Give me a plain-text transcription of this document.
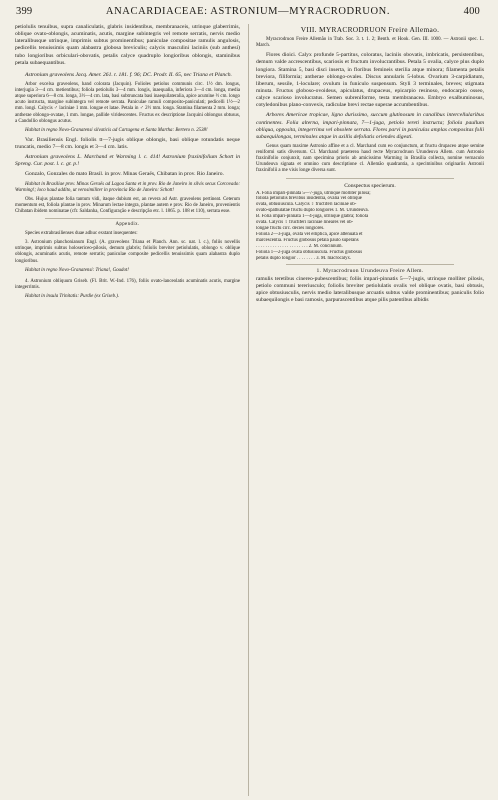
399	ANACARDIACEAE: ASTRONIUM—MYRACRODRUON.	400

petiolulis tenuibus, supra canaliculatis, glabris insidentibus, membranaceis, utrinque glaberrimis, oblique ovato-oblongis, acuminatis, acutis, margine subintegris vel remote serratis, nervis medio lateralibusque utrinque, imprimis subtus prominentibus; paniculae compositae ramulis angulosis, pedicellis tenuissimis quam alabastra globosa breviculis; calycis masculini laciniis (sub anthesi) tubo longioribus orbiculari-obovatis, petalis calyce quadruplo longioribus oblongis, staminibus petala subaequantibus.

Astronium graveolens Jacq. Amer. 261. t. 181. f. 96; DC. Prodr. II. 65, nec Triana et Planch.

Arbor excelsa graveolens, hand colorata (Jacquin). Folioles petiolus communis circ. 1½ dm. longus, interjugia 3—4 cm. metientibus; foliola petiolulis 3—4 mm. longis, inaequalia, inferiora 3—4 cm. longa, media atque superiora 6—8 cm. longa, 3½—4 cm. lata, basi subtruncata basi inaequilateralia, apice acumine ½ cm. longo acuto instructa, margine subintegra vel remote serrata. Paniculae ramuli composito-paniculati; pedicelli 1½—2 mm. longi. Calycis ♂ laciniae 1 mm. longae et latae. Petala in ♂ 2½ mm. longa. Stamina filamenta 2 mm. longa; antherae oblongo-ovatae, 1 mm. longae, pallide viridescentes. Fructus ex descriptione Jacquini oblongus obtusus, a Candollio oblongus acutus.

Habitat in regno Novo-Granatensi silvaticis ad Cartagena et Santa Martha: Bertero n. 2538!

Var. Brasiliensis Engl. foliolis tt—7-jugis oblique oblongis, basi oblique rotundatis neque truncatis, medio 7—8 cm. longis et 3—4 cm. latis.

Astronium graveolens L. Marchand et Warming l. c. 414! Astronium fraxinifolium Schott in Spreng. Cur. post. l. c. gr. p.!

Gonzalo, Gonzales do mato Brasil. in prov. Minas Geraës, Chibatan in prov. Rio Janeiro.

Habitat in Brasiliae prov. Minas Geraës ad Lagoa Santa et in prov. Rio de Janeiro in silvis secus Corcovado: Warming!; loco haud addito, ut verosimiliter in provincia Rio de Janeiro: Schott!

Obs. Hujus plantae folia tantum vidi, itaque dubium est, an revera ad Astr. graveolens pertineat. Ceterum momentum est, foliola plantae in prov. Minarum lectae integra, plantae autem e prov. Rio de Janeiro, provenientis Chibatan ibidem nominatae (cfr. Saldanha, Configuração e descripção etc. l. 1865. p. 108 et 110), serrata esse.

Appendix.

Species extrabrasilienses duae adhuc exstant insequentes:

3. Astronium planchonianum Engl. (A. graveolens Triana et Planch. Ann. sc. nat. l. c.), foliis novellis utrinque, imprimis subtus holosericeo-pilosis, demum glabris; foliolis breviter petiolulatis, oblongo v. oblique oblongis, acuminatis acutis, remote serratis; paniculae composite pedicellis tenuissimis quam alabastra duplo longioribus.

Habitat in regno Novo-Granatensi: Triana!, Goudot!

4. Astronium obliquum Griseb. (Fl. Brit. W.-Ind. 176), foliis ovato-lanceolatis acuminatis acutis, margine integerrimis.

Habitat in insula Trinitatis: Purdie (ex Griseb.).

VIII. MYRACRODRUON Freire Allemao.

Myracrodruon Freire Allemão in Trab. Soc. 3. t. 1. 2; Benth. et Hook. Gen. III. 1000. — Astronii spec. L. March.

Flores dioici. Calyx profunde 5-partitus, coloratus, laciniis obovatis, imbricatis, persistentibus, demum valde accrescentibus, scariosis et fructum involucrantibus. Petala 5 ovalia, calyce plus duplo longiora. Stamina 5, basi disci inserta, in floribus femineis sterilia atque minora; filamenta petalis breviora, filiformia; antherae oblongo-ovales. Discus annularis 5-lobus. Ovarium 3-carpidiatum, liberum, sessile, 1-loculare; ovulum in funiculo suspensum. Styli 3 terminales, breves; stigmata minuta. Fructus globoso-ovoideus, apiculatus, drupaceus, epicarpio resinoso, endocarpio osseo, calyce scarioso involucratus. Semen subreniforme, testa membranacea. Embryo exalbuminosus, cotyledonibus plano-convexis, radiculae brevi rectae superae accumbentibus.

Arbores Americae tropicae, ligno durissimo, succum glutinosum in canalibus intercellularibus continentes. Folia alterna, impari-pinnata, 7—1-juga, petiolo tereti instructa; foliola paullum obliqua, opposita, integerrima vel obsolete serrata. Flores parvi in paniculas amplas compositas folii subaequilongas, terminales atque in axillis defoliatis oriendes digesti.

Genus quam maxime Astronio affine et a cl. Marchand cum eo conjunctum, at fructu drupaceo atque semine reniformi satis diversum. Cl. Marchand praeterea haud recte Myracrodruon Urundeuva Allem. cum Astronio fraxinifolio conjunxit, nam specimina prioris ab amicissimo Warming in Brasilia collecta, nomine vernaculo Urundeuva signata et omnino cum descriptione cl. Allemão quadrantia, a speciminibus originariis Astronii fraxinifolii a me visis longe diversa sunt.

Conspectus specierum.

A. Folia impari-pinnata 5—7-juga, utrinque molliter pilosa;
foliola petiolulis brevibus insidentia, ovalia vel oblique
ovata, obtusiuscula. Calycis ♀ fructiferi laciniae ob-
ovato-spathulatae fructu duplo longiores 1. M. Urundeuva.
B. Folia impari-pinnata 1—4-juga, utrinque glabra; foliola
ovata. Calycis ♀ fructiferi laciniae lineares vel ob-
longae fructu circ. decies longiores.
Foliola 2—3-juga, ovata vel elliptica, apice attenuata et
marcescentia. Fructus globosus petala paulo superans
. . . . . . . . . . . . . . . . . . . . . . 2. M. concinnum.
Foliola 1—2-juga ovata obtusiuscula. Fructus globosus
petalis duplo longior . . . . . . . . 3. M. macrocalyx.

1. Myracrodruon Urundeuva Freire Allem.

ramulis teretibus cinereo-pubescentibus; foliis impari-pinnatis 5—7-jugis, utrinque molliter pilosis, petiolo communi tereriusculo; foliolis breviter petiolulatis ovalis vel oblique ovatis, basi obtusis, apice obtusiusculis, nervis medio lateralibusque arcuatis subtus valde prominentibus; paniculis folio subaequilongis e basi ramosis, parpurascentibus atque pilis patentibus albidis
